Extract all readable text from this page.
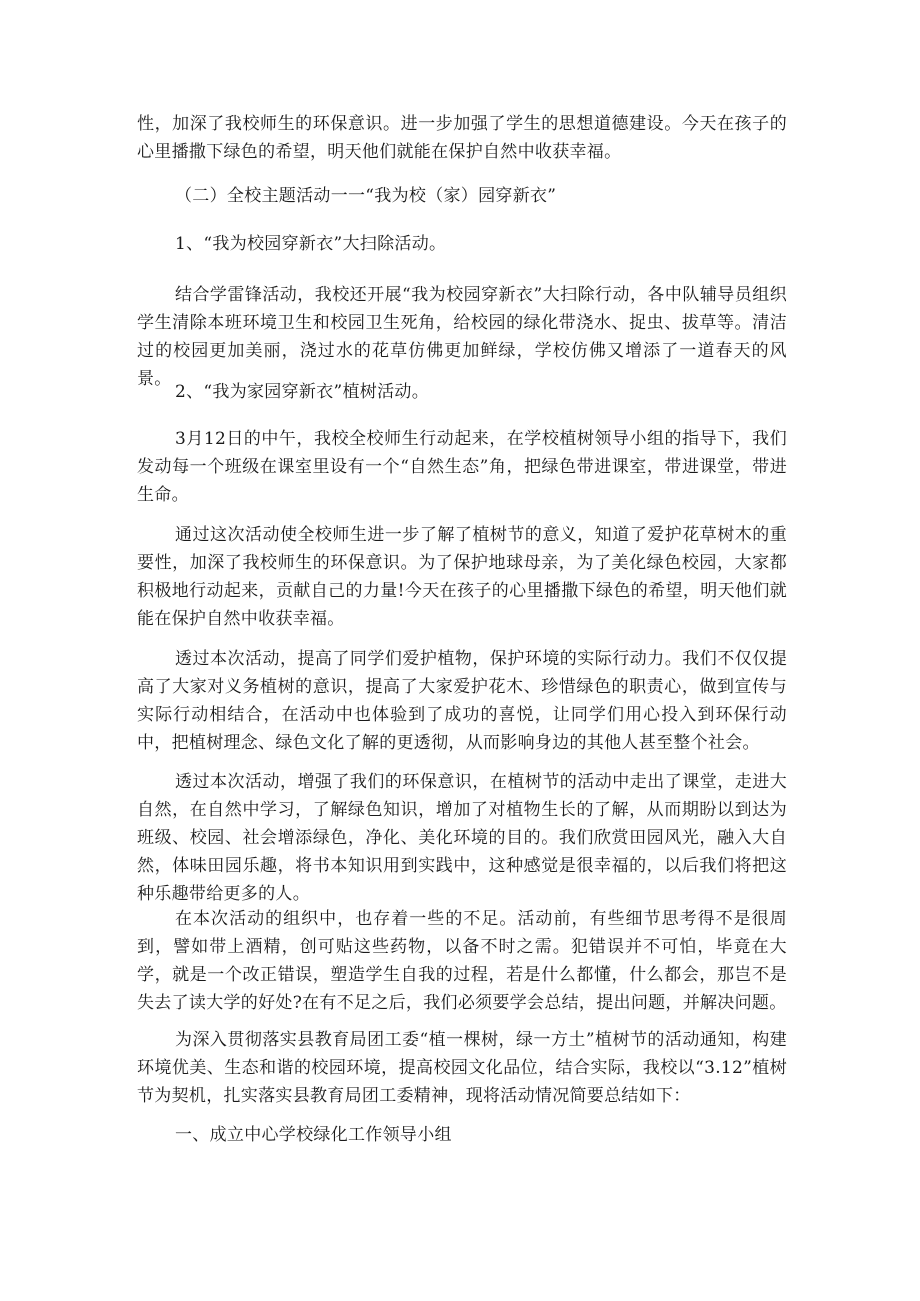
性，加深了我校师生的环保意识。进一步加强了学生的思想道德建设。今天在孩子的心里播撒下绿色的希望，明天他们就能在保护自然中收获幸福。

（二）全校主题活动一一“我为校（家）园穿新衣”

1、“我为校园穿新衣”大扫除活动。

结合学雷锋活动，我校还开展“我为校园穿新衣”大扫除行动，各中队辅导员组织学生清除本班环境卫生和校园卫生死角，给校园的绿化带浇水、捉虫、拔草等。清洁过的校园更加美丽，浇过水的花草仿佛更加鲜绿，学校仿佛又增添了一道春天的风景。

2、“我为家园穿新衣”植树活动。

3月12日的中午，我校全校师生行动起来，在学校植树领导小组的指导下，我们发动每一个班级在课室里设有一个“自然生态”角，把绿色带进课室，带进课堂，带进生命。

通过这次活动使全校师生进一步了解了植树节的意义，知道了爱护花草树木的重要性，加深了我校师生的环保意识。为了保护地球母亲，为了美化绿色校园，大家都积极地行动起来，贡献自己的力量!今天在孩子的心里播撒下绿色的希望，明天他们就能在保护自然中收获幸福。

透过本次活动，提高了同学们爱护植物，保护环境的实际行动力。我们不仅仅提高了大家对义务植树的意识，提高了大家爱护花木、珍惜绿色的职责心，做到宣传与实际行动相结合，在活动中也体验到了成功的喜悦，让同学们用心投入到环保行动中，把植树理念、绿色文化了解的更透彻，从而影响身边的其他人甚至整个社会。

透过本次活动，增强了我们的环保意识，在植树节的活动中走出了课堂，走进大自然，在自然中学习，了解绿色知识，增加了对植物生长的了解，从而期盼以到达为班级、校园、社会增添绿色，净化、美化环境的目的。我们欣赏田园风光，融入大自然，体味田园乐趣，将书本知识用到实践中，这种感觉是很幸福的，以后我们将把这种乐趣带给更多的人。

在本次活动的组织中，也存着一些的不足。活动前，有些细节思考得不是很周到，譬如带上酒精，创可贴这些药物，以备不时之需。犯错误并不可怕，毕竟在大学，就是一个改正错误，塑造学生自我的过程，若是什么都懂，什么都会，那岂不是失去了读大学的好处?在有不足之后，我们必须要学会总结，提出问题，并解决问题。

为深入贯彻落实县教育局团工委“植一棵树，绿一方土”植树节的活动通知，构建环境优美、生态和谐的校园环境，提高校园文化品位，结合实际，我校以“3.12”植树节为契机，扎实落实县教育局团工委精神，现将活动情况简要总结如下：

一、成立中心学校绿化工作领导小组
